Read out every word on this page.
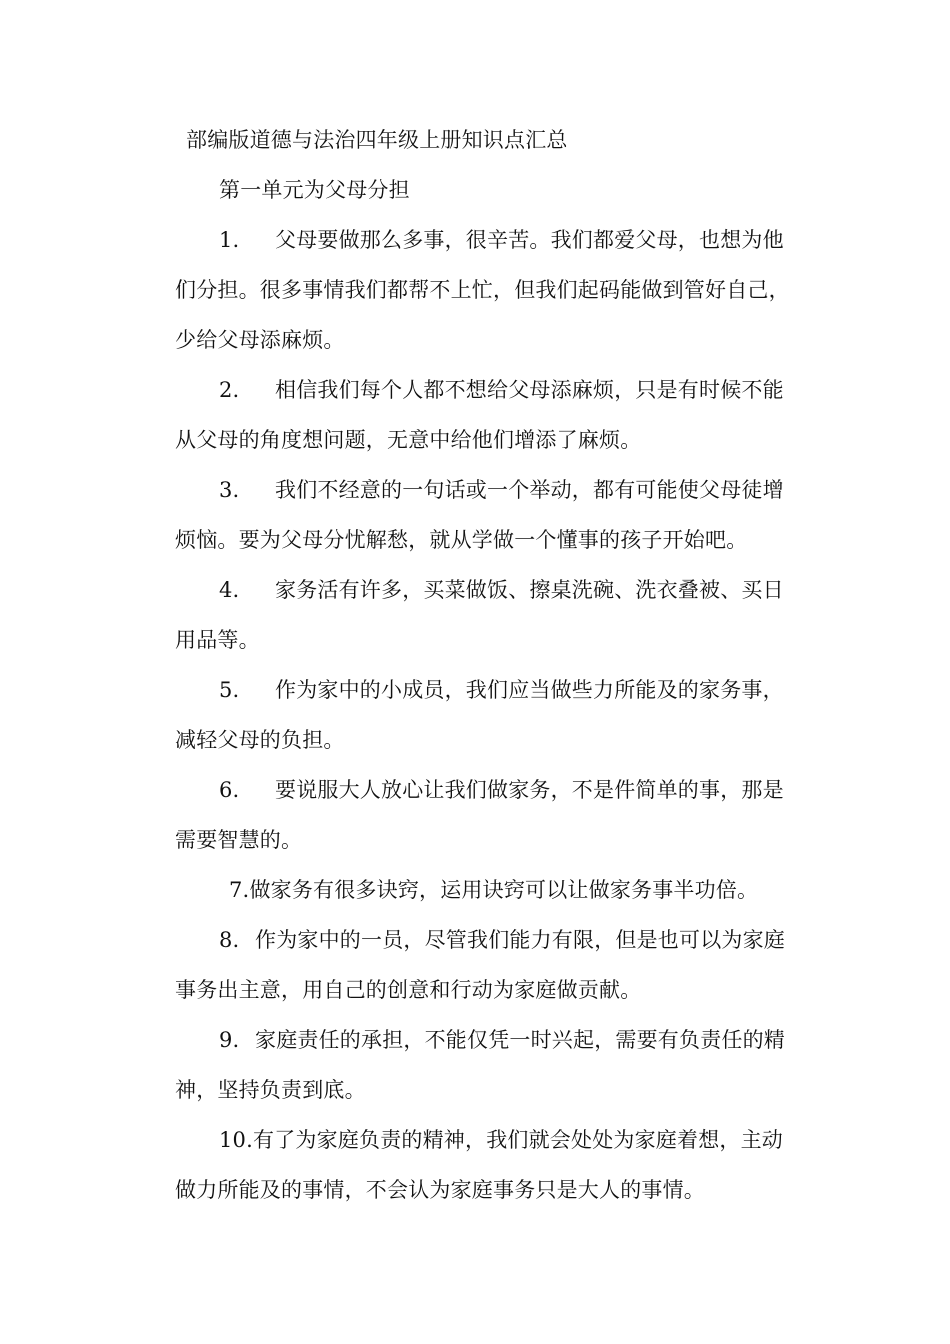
部编版道德与法治四年级上册知识点汇总
第一单元为父母分担
1. 父母要做那么多事，很辛苦。我们都爱父母，也想为他
们分担。很多事情我们都帮不上忙，但我们起码能做到管好自己，
少给父母添麻烦。
2. 相信我们每个人都不想给父母添麻烦，只是有时候不能
从父母的角度想问题，无意中给他们增添了麻烦。
3. 我们不经意的一句话或一个举动，都有可能使父母徒增
烦恼。要为父母分忧解愁，就从学做一个懂事的孩子开始吧。
4. 家务活有许多，买菜做饭、擦桌洗碗、洗衣叠被、买日
用品等。
5. 作为家中的小成员，我们应当做些力所能及的家务事，
减轻父母的负担。
6. 要说服大人放心让我们做家务，不是件简单的事，那是
需要智慧的。
7.做家务有很多诀窍，运用诀窍可以让做家务事半功倍。
8. 作为家中的一员，尽管我们能力有限，但是也可以为家庭
事务出主意，用自己的创意和行动为家庭做贡献。
9. 家庭责任的承担，不能仅凭一时兴起，需要有负责任的精
神，坚持负责到底。
10.有了为家庭负责的精神，我们就会处处为家庭着想，主动
做力所能及的事情，不会认为家庭事务只是大人的事情。
